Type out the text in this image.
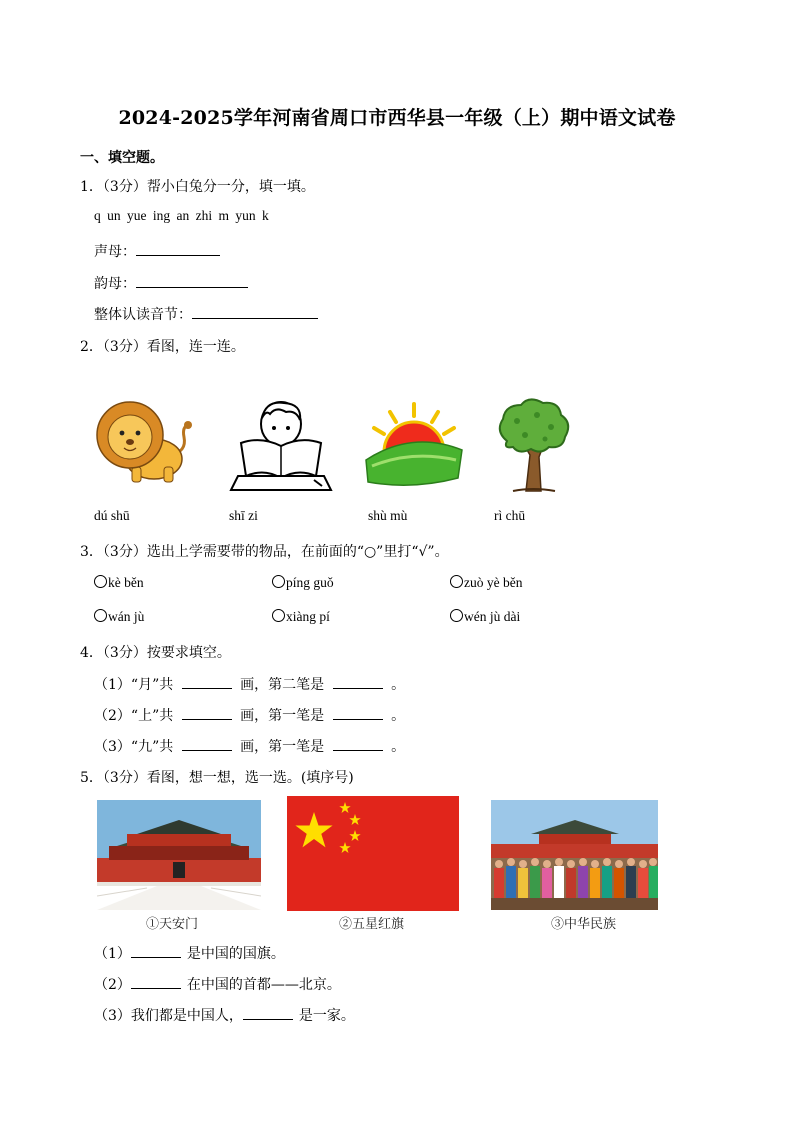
2024-2025学年河南省周口市西华县一年级（上）期中语文试卷
一、填空题。
1．（3分）帮小白兔分一分，填一填。
q un yue ing an zhi m yun k
声母：
韵母：
整体认读音节：
2．（3分）看图，连一连。
dú shū	shī zi	shù mù	rì chū
3．（3分）选出上学需要带的物品，在前面的“○”里打“√”。
kè běn	píng guǒ	zuò yè běn
wán jù	xiàng pí	wén jù dài
4．（3分）按要求填空。
（1）“月”共	画，第二笔是	。
（2）“上”共	画，第一笔是	。
（3）“九”共	画，第一笔是	。
5．（3分）看图，想一想，选一选。(填序号)
①天安门	②五星红旗	③中华民族
（1）	是中国的国旗。
（2）	在中国的首都——北京。
（3）我们都是中国人，	是一家。
